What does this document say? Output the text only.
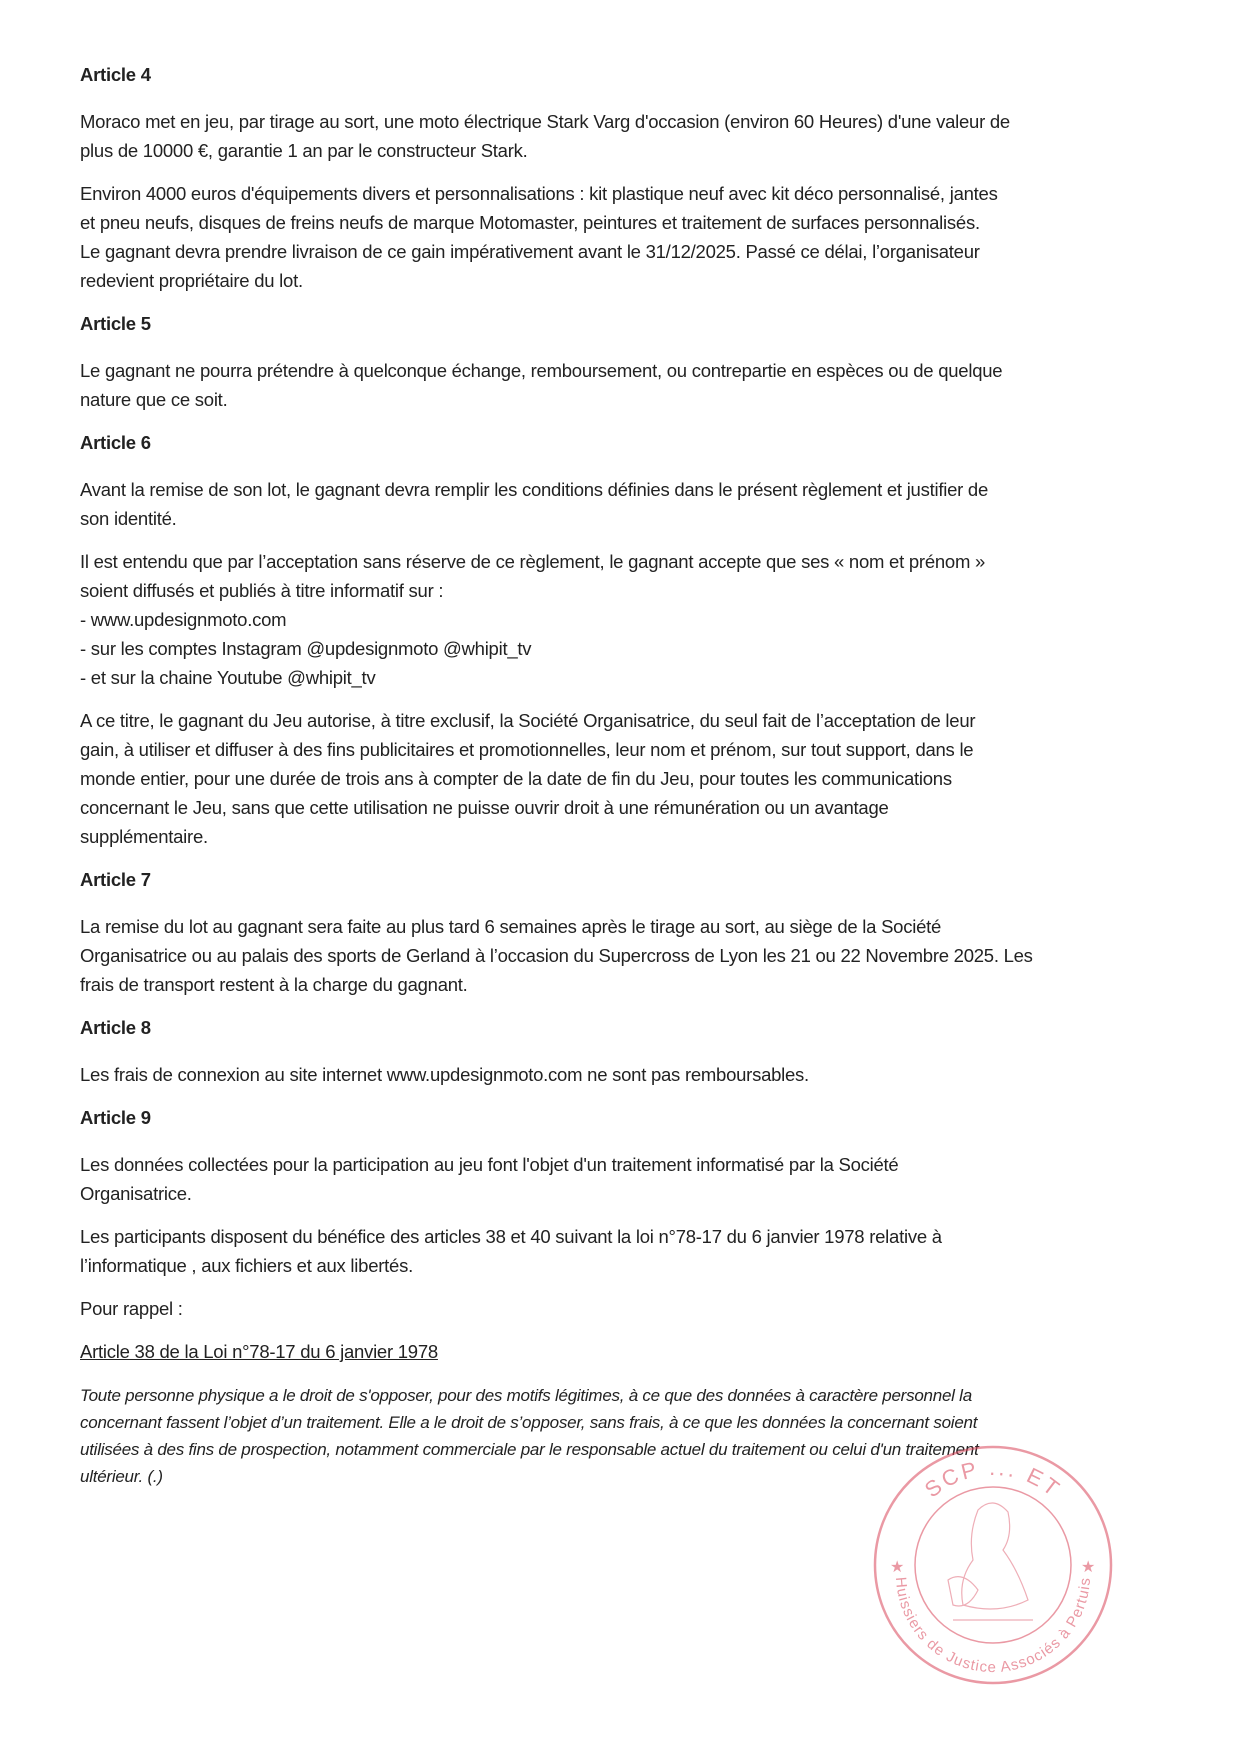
Article 4
Moraco met en jeu, par tirage au sort, une moto électrique Stark Varg d'occasion (environ 60 Heures) d'une valeur de
plus de 10000 €, garantie 1 an par le constructeur Stark.
Environ 4000 euros d'équipements divers et personnalisations : kit plastique neuf avec kit déco personnalisé, jantes
et pneu neufs, disques de freins neufs de marque Motomaster, peintures et traitement de surfaces personnalisés.
Le gagnant devra prendre livraison de ce gain impérativement avant le 31/12/2025. Passé ce délai, l’organisateur
redevient propriétaire du lot.
Article 5
Le gagnant ne pourra prétendre à quelconque échange, remboursement, ou contrepartie en espèces ou de quelque
nature que ce soit.
Article 6
Avant la remise de son lot, le gagnant devra remplir les conditions définies dans le présent règlement et justifier de
son identité.
Il est entendu que par l’acceptation sans réserve de ce règlement, le gagnant accepte que ses « nom et prénom »
soient diffusés et publiés à titre informatif sur :
- www.updesignmoto.com
- sur les comptes Instagram @updesignmoto @whipit_tv
- et sur la chaine Youtube @whipit_tv
A ce titre, le gagnant du Jeu autorise, à titre exclusif, la Société Organisatrice, du seul fait de l’acceptation de leur
gain, à utiliser et diffuser à des fins publicitaires et promotionnelles, leur nom et prénom, sur tout support, dans le
monde entier, pour une durée de trois ans à compter de la date de fin du Jeu, pour toutes les communications
concernant le Jeu, sans que cette utilisation ne puisse ouvrir droit à une rémunération ou un avantage
supplémentaire.
Article 7
La remise du lot au gagnant sera faite au plus tard 6 semaines après le tirage au sort, au siège de la Société
Organisatrice ou au palais des sports de Gerland à l’occasion du Supercross de Lyon les 21 ou 22 Novembre 2025. Les
frais de transport restent à la charge du gagnant.
Article 8
Les frais de connexion au site internet www.updesignmoto.com ne sont pas remboursables.
Article 9
Les données collectées pour la participation au jeu font l'objet d'un traitement informatisé par la Société
Organisatrice.
Les participants disposent du bénéfice des articles 38 et 40 suivant la loi n°78-17 du 6 janvier 1978 relative à
l’informatique , aux fichiers et aux libertés.
Pour rappel :
Article 38 de la Loi n°78-17 du 6 janvier 1978
Toute personne physique a le droit de s'opposer, pour des motifs légitimes, à ce que des données à caractère personnel la
concernant fassent l’objet d’un traitement. Elle a le droit de s’opposer, sans frais, à ce que les données la concernant soient
utilisées à des fins de prospection, notamment commerciale par le responsable actuel du traitement ou celui d'un traitement
ultérieur. (.)	SCP ... ET
Huissiers de Justice Associés à Pertuis
★	★
